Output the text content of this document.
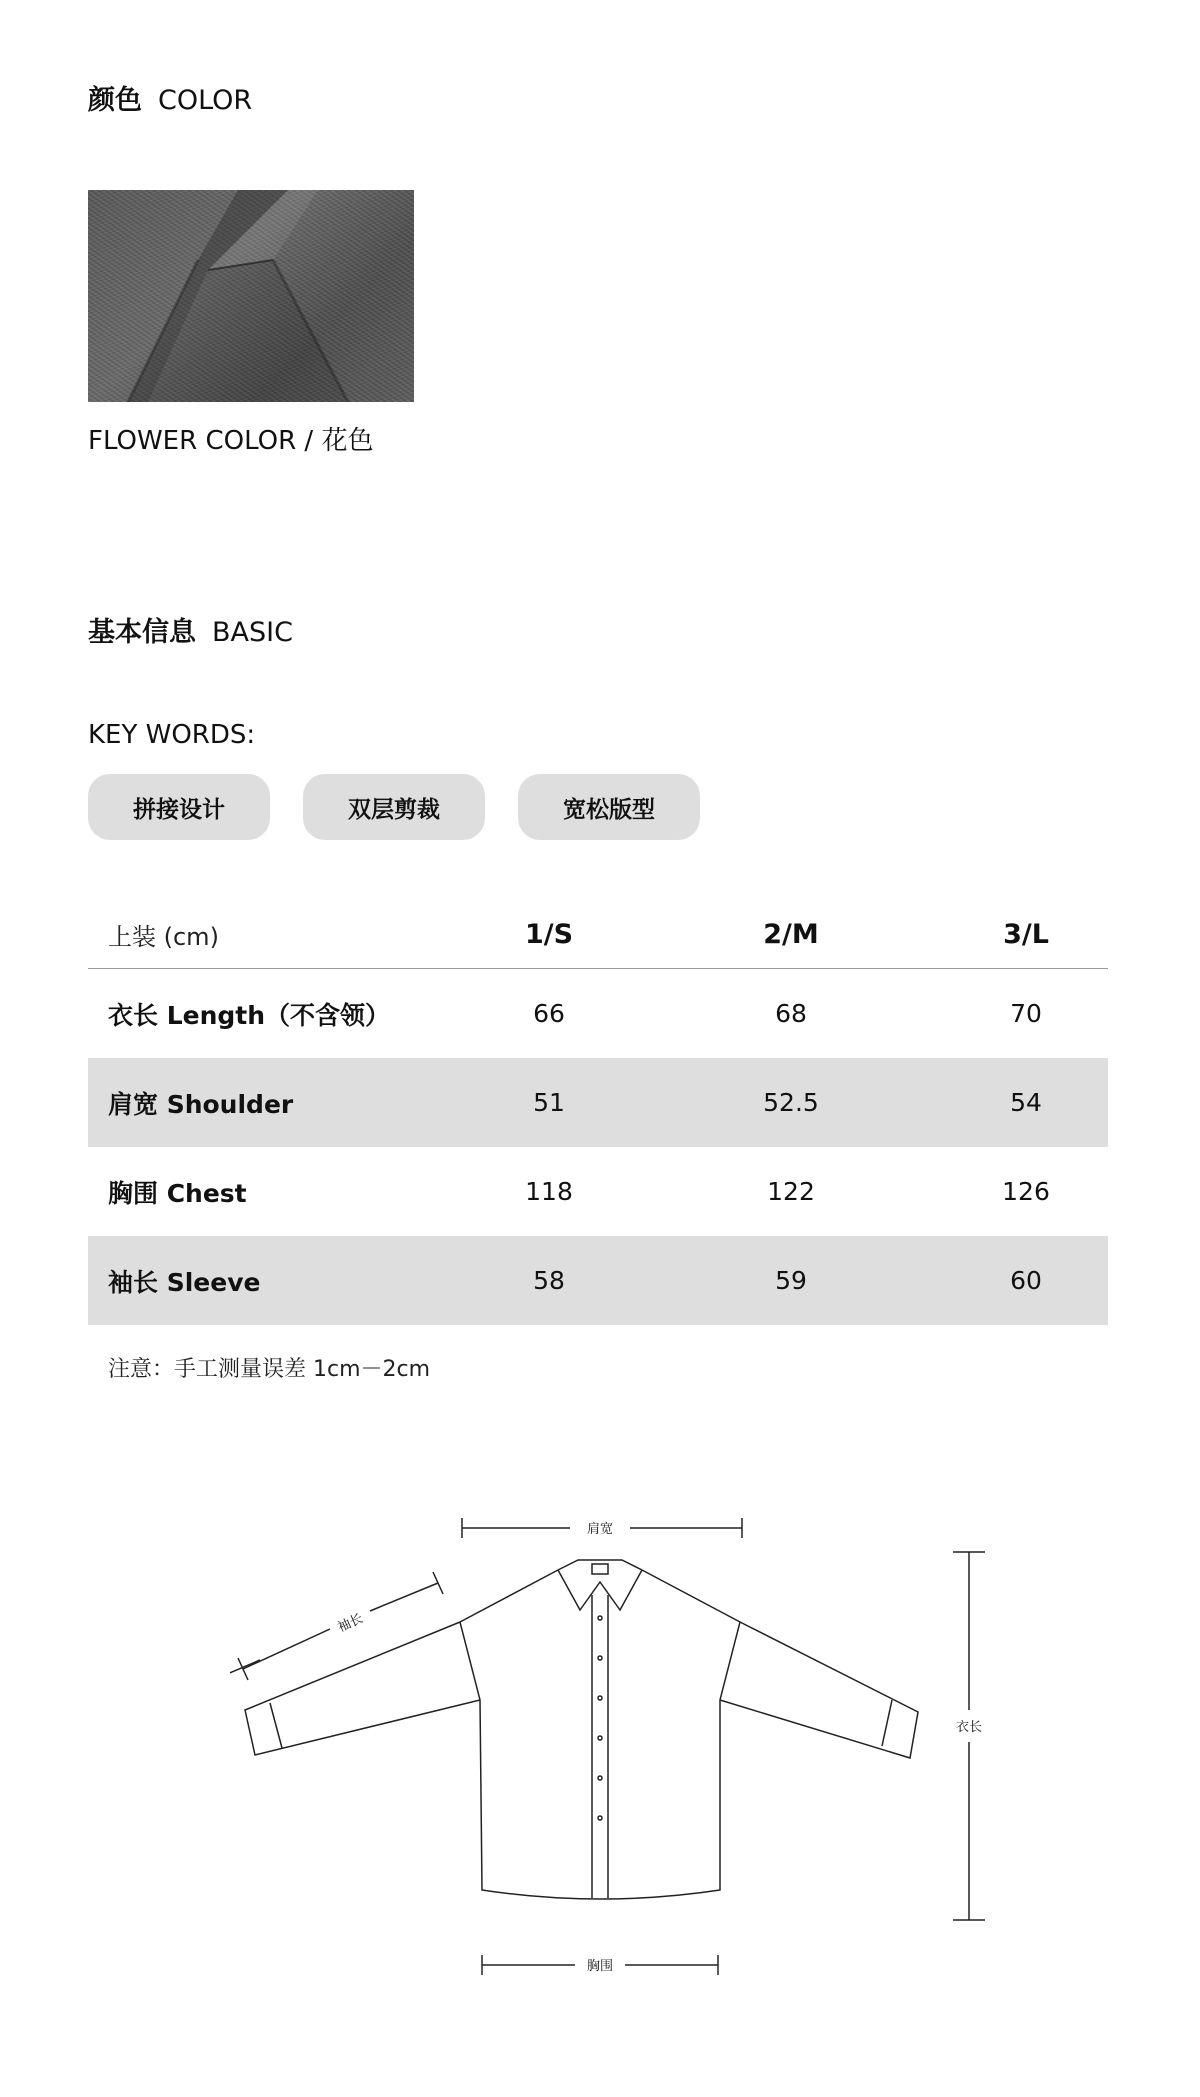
颜色 COLOR
FLOWER COLOR / 花色
基本信息 BASIC
KEY WORDS:
拼接设计	双层剪裁	宽松版型
上装 (cm)	1/S	2/M	3/L
衣长 Length（不含领）	66	68	70
肩宽 Shoulder	51	52.5	54
胸围 Chest	118	122	126
袖长 Sleeve	58	59	60
注意：手工测量误差 1cm－2cm
肩宽
衣长
袖长
胸围
